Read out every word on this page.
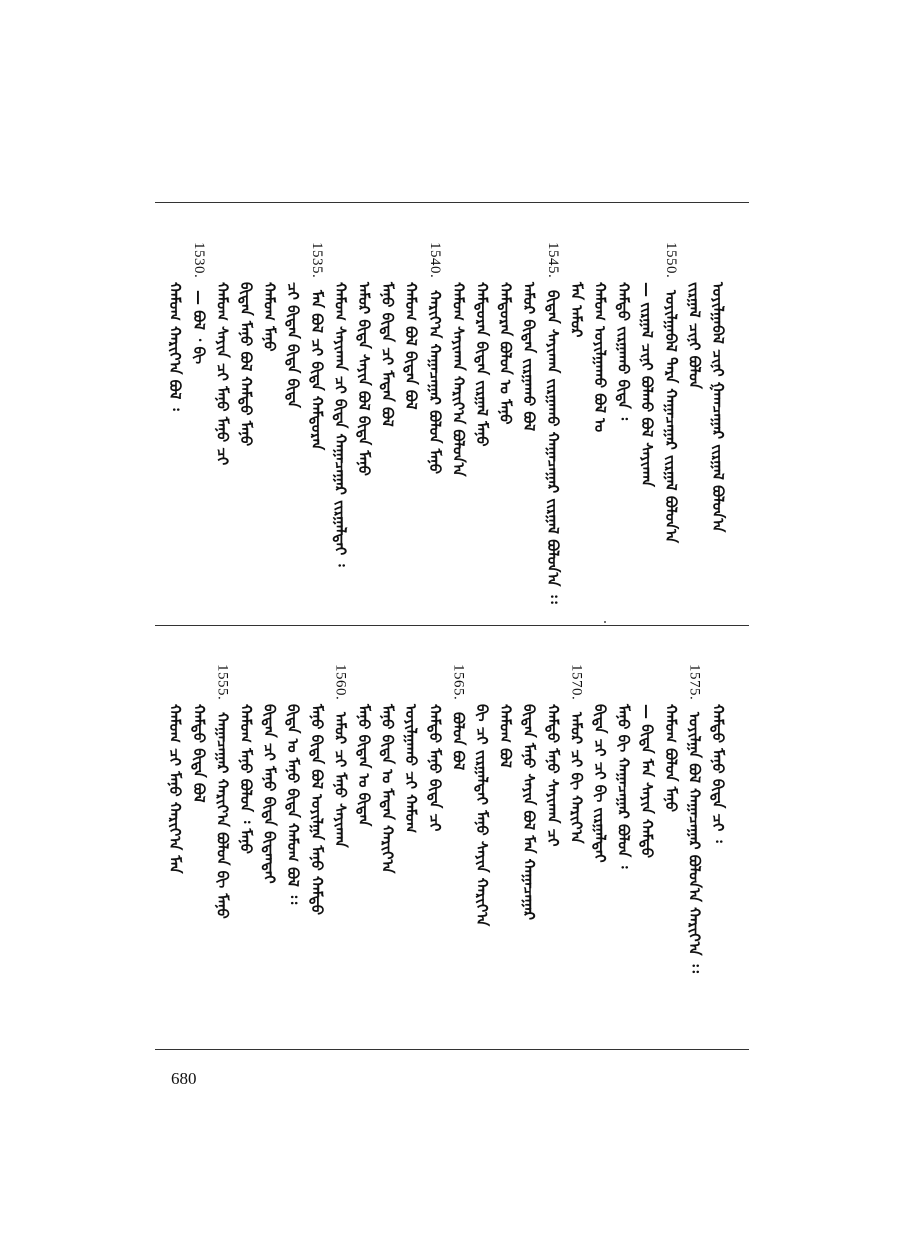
ᠣᠶᠢᠯᠭᠠᠪᠠᠯ ᠴᠢᠨᠢ ᠭᠠᠭᠴᠠᠭᠠᠷ ᠵᠢᠷᠭᠠᠯ ᠪᠣᠯᠤᠨ᠎ᠠ
ᠵᠢᠷᠭᠠᠯ ᠴᠢᠨᠢ ᠪᠣᠯᠤᠨ
1550.
ᠣᠶᠢᠯᠭᠠᠪᠠᠯ ᠲᠡᠷᠡ ᠬᠠᠭᠠᠴᠠᠭᠠᠷ ᠵᠢᠷᠭᠠᠯ ᠪᠣᠯᠤᠨ᠎ᠠ
— ᠵᠢᠷᠭᠠᠯ ᠴᠢᠨᠢ ᠪᠣᠯᠬᠤ ᠪᠣᠯ ᠰᠠᠶᠢᠬᠠᠨ
ᠬᠠᠮᠲᠤ ᠵᠢᠷᠭᠠᠬᠤ ᠪᠢᠳᠡ ᠄
ᠬᠠᠮᠤᠭ ᠣᠶᠢᠯᠭᠠᠬᠤ ᠪᠣᠯ ᠤ
ᠮᠡᠨ ᠠᠮᠤᠷ
1545.
ᠪᠢᠳᠡᠨ ᠰᠠᠶᠢᠬᠠᠨ ᠵᠢᠷᠭᠠᠬᠤ ᠬᠠᠭᠠᠴᠠᠭᠠᠷ ᠵᠢᠷᠭᠠᠯ ᠪᠣᠯᠤᠨ᠎ᠠ ᠄᠄
ᠠᠮᠤᠷ ᠪᠢᠳᠡᠨ ᠵᠢᠷᠭᠠᠬᠤ ᠪᠣᠯ
ᠬᠠᠮᠲᠤᠷᠠᠨ ᠪᠣᠯᠤᠨ ᠤ ᠮᠠᠨᠤ
ᠬᠠᠮᠲᠤᠷᠠᠨ ᠪᠢᠳᠡᠨ ᠵᠢᠷᠭᠠᠯ ᠮᠠᠨᠤ
ᠬᠠᠮᠤᠭ ᠰᠠᠶᠢᠬᠠᠨ ᠬᠠᠷᠢᠶ᠎ᠠ ᠪᠣᠯᠤᠨ᠎ᠠ
1540.
ᠬᠠᠷᠢᠶ᠎ᠠ ᠬᠠᠭᠠᠴᠠᠭᠠᠷ ᠪᠣᠯᠤᠨ ᠮᠠᠨᠤ
ᠬᠠᠮᠤᠭ ᠪᠣᠯ ᠪᠢᠳᠡᠨ ᠪᠣᠯ
ᠮᠠᠨᠤ ᠪᠢᠳᠡ ᠴᠢ ᠮᠡᠳᠡᠨ ᠪᠣᠯ
ᠠᠮᠤᠷ ᠪᠢᠳᠡ ᠰᠠᠶᠢᠨ ᠪᠣᠯ ᠪᠢᠳᠡ ᠮᠠᠨᠤ
ᠬᠠᠮᠤᠭ ᠰᠠᠶᠢᠬᠠᠨ ᠴᠢ ᠪᠢᠳᠡ ᠬᠠᠭᠠᠴᠠᠭᠠᠷ ᠵᠢᠷᠭᠠᠯᠲᠠᠢ ᠄
1535.
ᠮᠡᠨ ᠪᠣᠯ ᠴᠢ ᠪᠢᠳᠡ ᠬᠠᠮᠲᠤᠷᠠᠨ
ᠴᠢ ᠪᠢᠳᠡᠨ ᠪᠢᠳᠡ ᠪᠢᠳᠡ
ᠬᠠᠮᠤᠭ ᠮᠠᠨᠤ
ᠪᠢᠳᠡᠨ ᠮᠠᠨᠤ ᠪᠣᠯ ᠬᠠᠮᠲᠤ ᠮᠠᠨᠤ
ᠬᠠᠮᠤᠭ ᠰᠠᠶᠢᠨ ᠴᠢ ᠮᠠᠨᠤ ᠮᠠᠨᠤ ᠴᠢ
1530.
— ᠪᠣᠯ ᠂ ᠪᠢ
ᠬᠠᠮᠤᠭ ᠬᠠᠷᠢᠶ᠎ᠠ ᠪᠣᠯ ᠄
ᠬᠠᠮᠲᠤ ᠮᠠᠨᠤ ᠪᠢᠳᠡ ᠴᠢ ᠄
1575.
ᠣᠶᠢᠯᠭᠠ ᠪᠣᠯ ᠬᠠᠭᠠᠴᠠᠭᠠᠷ ᠪᠣᠯᠤᠨ᠎ᠠ ᠬᠠᠷᠢᠶ᠎ᠠ ᠄᠄
ᠬᠠᠮᠤᠭ ᠪᠣᠯᠤᠨ ᠮᠠᠨᠤ
— ᠪᠢᠳᠡ ᠮᠡᠨ ᠰᠠᠶᠢᠨ ᠬᠠᠮᠲᠤ
ᠮᠠᠨᠤ ᠪᠢ ᠬᠠᠭᠠᠴᠠᠭᠠᠷ ᠪᠣᠯᠤᠨ ᠄
ᠪᠢᠳᠡ ᠴᠢ ᠴᠢ ᠪᠢ ᠵᠢᠷᠭᠠᠯᠲᠠᠢ
1570.
ᠠᠮᠤᠷ ᠴᠢ ᠪᠢ ᠬᠠᠷᠢᠶ᠎ᠠ
ᠬᠠᠮᠲᠤ ᠮᠠᠨᠤ ᠰᠠᠶᠢᠬᠠᠨ ᠴᠢ
ᠪᠢᠳᠡᠨ ᠮᠠᠨᠤ ᠰᠠᠶᠢᠨ ᠪᠣᠯ ᠮᠡᠨ ᠬᠠᠭᠠᠴᠠᠭᠠᠷ
ᠬᠠᠮᠤᠭ ᠪᠣᠯ
ᠪᠢ ᠴᠢ ᠵᠢᠷᠭᠠᠯᠲᠠᠢ ᠮᠠᠨᠤ ᠰᠠᠶᠢᠨ ᠬᠠᠷᠢᠶ᠎ᠠ
1565.
ᠪᠣᠯᠤᠨ ᠪᠣᠯ
ᠬᠠᠮᠲᠤ ᠮᠠᠨᠤ ᠪᠢᠳᠡ ᠴᠢ
ᠣᠶᠢᠯᠭᠠᠬᠤ ᠴᠢ ᠬᠠᠮᠤᠭ
ᠮᠠᠨᠤ ᠪᠢᠳᠡ ᠤ ᠮᠡᠳᠡᠨ ᠬᠠᠷᠢᠶ᠎ᠠ
ᠮᠠᠨᠤ ᠪᠢᠳᠡᠨ ᠤ ᠪᠢᠳᠡᠨ
1560.
ᠠᠮᠤᠷ ᠴᠢ ᠮᠠᠨᠤ ᠰᠠᠶᠢᠬᠠᠨ
ᠮᠠᠨᠤ ᠪᠢᠳᠡ ᠪᠣᠯ ᠣᠶᠢᠯᠭᠠ ᠮᠠᠨᠤ ᠬᠠᠮᠲᠤ
ᠪᠢᠳᠡ ᠤ ᠮᠠᠨᠤ ᠪᠢᠳᠡ ᠬᠠᠮᠤᠭ ᠪᠣᠯ ᠄᠄
ᠪᠢᠳᠡᠨ ᠴᠢ ᠮᠠᠨᠤ ᠪᠢᠳᠡ ᠪᠢᠳᠡᠨᠲᠡᠢ
ᠬᠠᠮᠤᠭ ᠮᠠᠨᠤ ᠪᠣᠯᠤᠨ ᠄ ᠮᠠᠨᠤ
1555.
ᠬᠠᠭᠠᠴᠠᠭᠠᠷ ᠬᠠᠷᠢᠶ᠎ᠠ ᠪᠣᠯᠤᠨ ᠪᠢ ᠮᠠᠨᠤ
ᠬᠠᠮᠲᠤ ᠪᠢᠳᠡ ᠪᠣᠯ
ᠬᠠᠮᠤᠭ ᠴᠢ ᠮᠠᠨᠤ ᠬᠠᠷᠢᠶ᠎ᠠ ᠮᠡᠨ
680
